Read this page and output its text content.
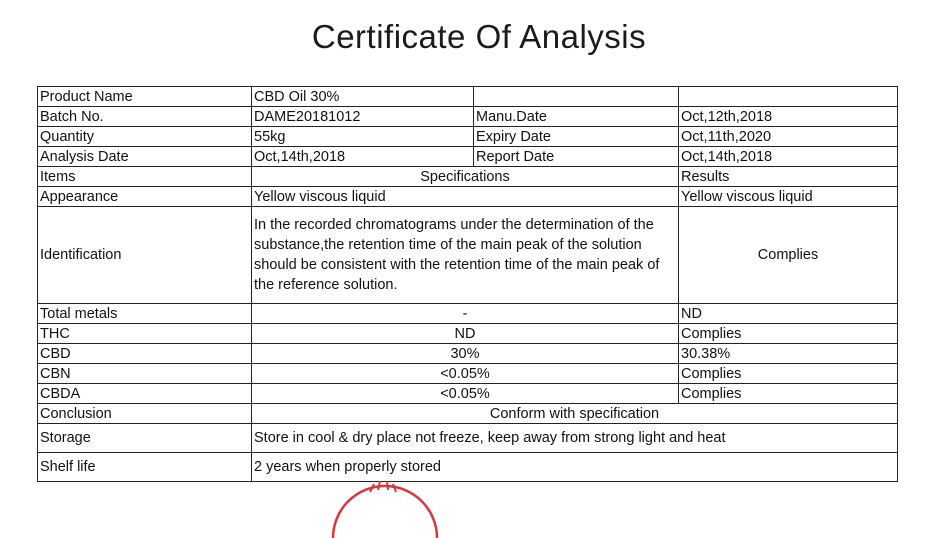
Certificate Of Analysis
Product Name	CBD Oil 30%		
Batch No.	DAME20181012	Manu.Date	Oct,12th,2018
Quantity	55kg	Expiry Date	Oct,11th,2020
Analysis Date	Oct,14th,2018	Report Date	Oct,14th,2018
Items	Specifications		Results
Appearance	Yellow viscous liquid		Yellow viscous liquid
Identification	In the recorded chromatograms under the determination of the substance,the retention time of the main peak of the solution should be consistent with the retention time of the main peak of the reference solution.		Complies
Total metals	-		ND
THC	ND		Complies
CBD	30%		30.38%
CBN	<0.05%		Complies
CBDA	<0.05%		Complies
Conclusion	Conform with specification		
Storage	Store in cool & dry place not freeze, keep away from strong light and heat		
Shelf life	2 years when properly stored		
